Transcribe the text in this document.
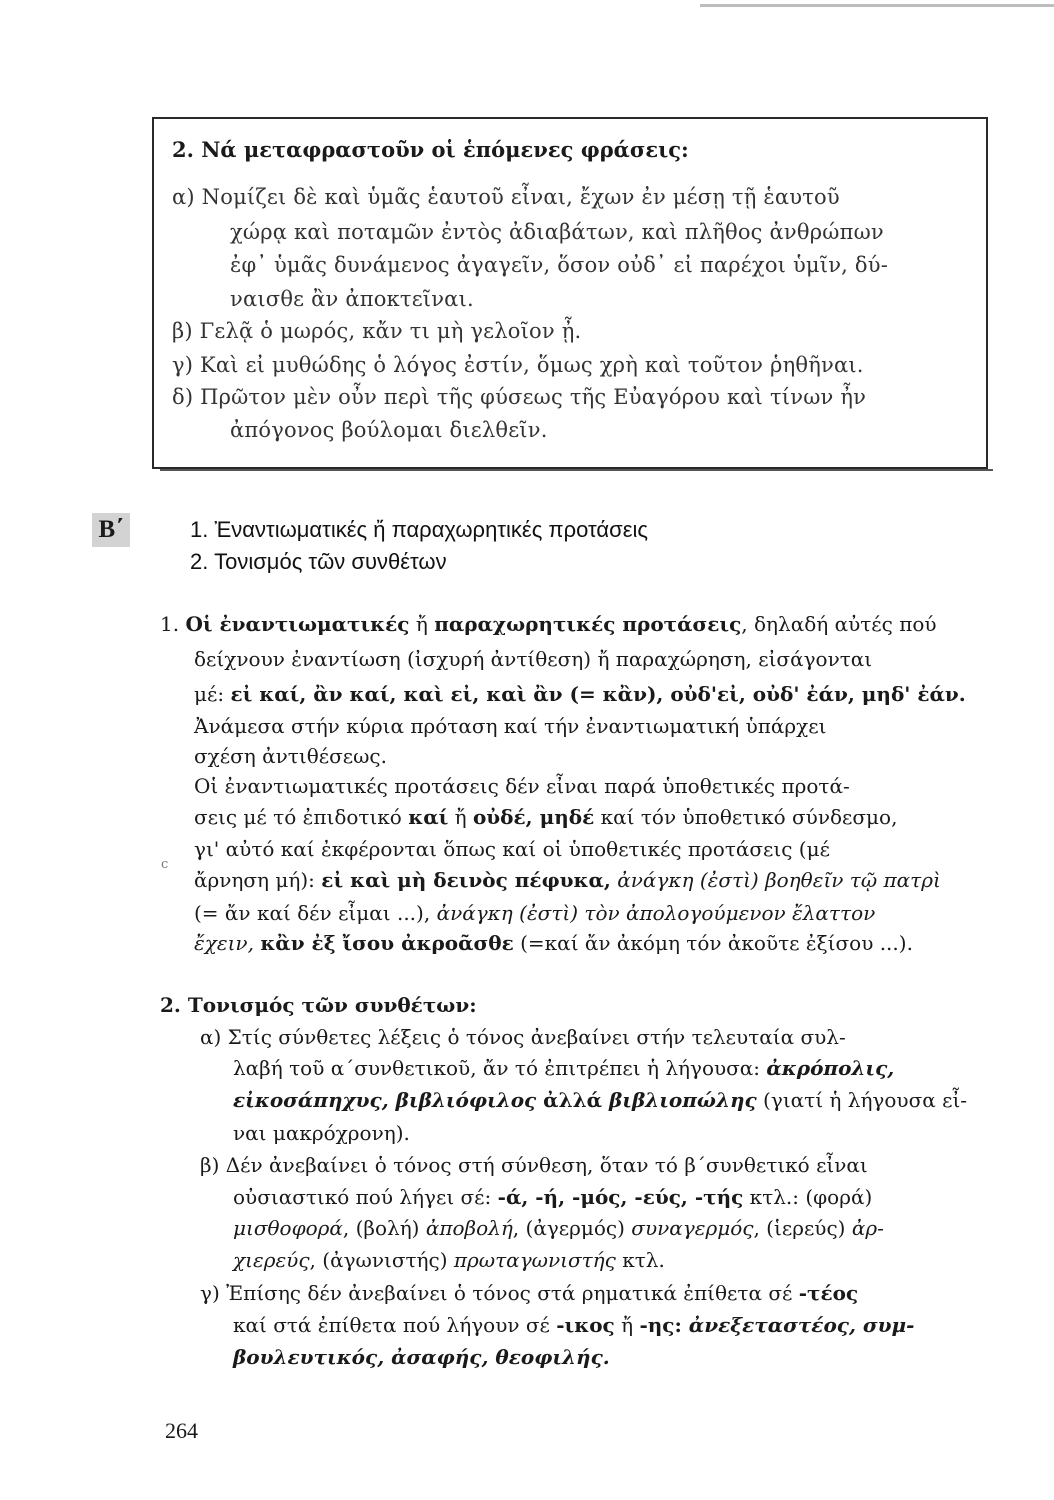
2. Νά μεταφραστοῦν οἱ ἑπόμενες φράσεις:
α) Νομίζει δὲ καὶ ὑμᾶς ἑαυτοῦ εἶναι, ἔχων ἐν μέσῃ τῇ ἑαυτοῦ
χώρᾳ καὶ ποταμῶν ἐντὸς ἀδιαβάτων, καὶ πλῆθος ἀνθρώπων
ἐφ᾽ ὑμᾶς δυνάμενος ἀγαγεῖν, ὅσον οὐδ᾽ εἰ παρέχοι ὑμῖν, δύ-
ναισθε ἂν ἀποκτεῖναι.
β) Γελᾷ ὁ μωρός, κἄν τι μὴ γελοῖον ᾖ.
γ) Καὶ εἰ μυθώδης ὁ λόγος ἐστίν, ὅμως χρὴ καὶ τοῦτον ῥηθῆναι.
δ) Πρῶτον μὲν οὖν περὶ τῆς φύσεως τῆς Εὐαγόρου καὶ τίνων ἦν
ἀπόγονος βούλομαι διελθεῖν.
Β΄	1. Ἐναντιωματικές ἤ παραχωρητικές προτάσεις
2. Τονισμός τῶν συνθέτων
1. Οἱ ἐναντιωματικές ἤ παραχωρητικές προτάσεις, δηλαδή αὐτές πού
δείχνουν ἐναντίωση (ἰσχυρή ἀντίθεση) ἤ παραχώρηση, εἰσάγονται
μέ: εἰ καί, ἂν καί, καὶ εἰ, καὶ ἂν (= κἂν), οὐδ'εἰ, οὐδ' ἐάν, μηδ' ἐάν.
Ἀνάμεσα στήν κύρια πρόταση καί τήν ἐναντιωματική ὑπάρχει
σχέση ἀντιθέσεως.
Οἱ ἐναντιωματικές προτάσεις δέν εἶναι παρά ὑποθετικές προτά-
σεις μέ τό ἐπιδοτικό καί ἤ οὐδέ, μηδέ καί τόν ὑποθετικό σύνδεσμο,
c
γι' αὐτό καί ἐκφέρονται ὅπως καί οἱ ὑποθετικές προτάσεις (μέ
ἄρνηση μή): εἰ καὶ μὴ δεινὸς πέφυκα, ἀνάγκη (ἐστὶ) βοηθεῖν τῷ πατρὶ
(= ἄν καί δέν εἶμαι ...), ἀνάγκη (ἐστὶ) τὸν ἀπολογούμενον ἔλαττον
ἔχειν, κἂν ἐξ ἴσου ἀκροᾶσθε (=καί ἄν ἀκόμη τόν ἀκοῦτε ἐξίσου ...).
2. Τονισμός τῶν συνθέτων:
α) Στίς σύνθετες λέξεις ὁ τόνος ἀνεβαίνει στήν τελευταία συλ-
λαβή τοῦ α΄συνθετικοῦ, ἄν τό ἐπιτρέπει ἡ λήγουσα: ἀκρόπολις,
εἰκοσάπηχυς, βιβλιόφιλος ἀλλά βιβλιοπώλης (γιατί ἡ λήγουσα εἶ-
ναι μακρόχρονη).
β) Δέν ἀνεβαίνει ὁ τόνος στή σύνθεση, ὅταν τό β΄συνθετικό εἶναι
οὐσιαστικό πού λήγει σέ: -ά, -ή, -μός, -εύς, -τής κτλ.: (φορά)
μισθοφορά, (βολή) ἀποβολή, (ἀγερμός) συναγερμός, (ἱερεύς) ἀρ-
χιερεύς, (ἀγωνιστής) πρωταγωνιστής κτλ.
γ) Ἐπίσης δέν ἀνεβαίνει ὁ τόνος στά ρηματικά ἐπίθετα σέ -τέος
καί στά ἐπίθετα πού λήγουν σέ -ικος ἤ -ης: ἀνεξεταστέος, συμ-
βουλευτικός, ἀσαφής, θεοφιλής.
264
